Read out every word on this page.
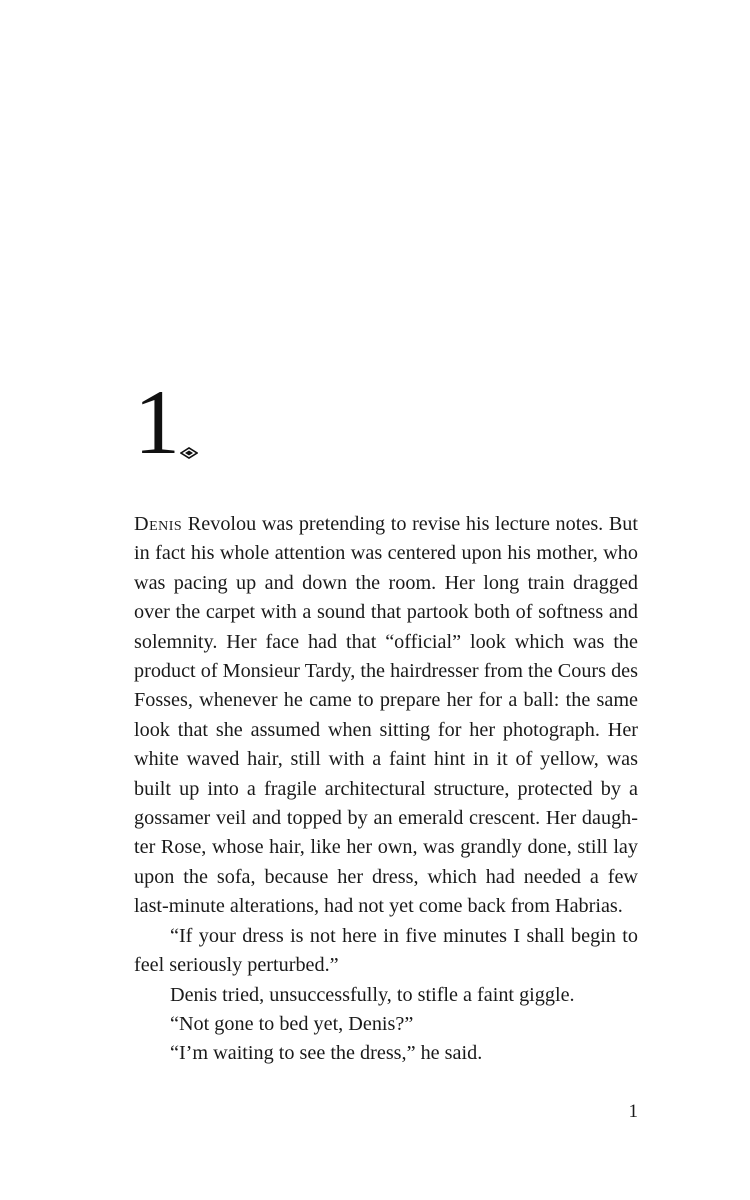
1

Denis Revolou was pretending to revise his lecture notes. But in fact his whole attention was centered upon his mother, who was pacing up and down the room. Her long train dragged over the carpet with a sound that partook both of softness and solemnity. Her face had that “official” look which was the product of Monsieur Tardy, the hairdresser from the Cours des Fosses, whenever he came to prepare her for a ball: the same look that she assumed when sitting for her photograph. Her white waved hair, still with a faint hint in it of yellow, was built up into a fragile architectural structure, protected by a gossamer veil and topped by an emerald crescent. Her daughter Rose, whose hair, like her own, was grandly done, still lay upon the sofa, because her dress, which had needed a few last-minute alterations, had not yet come back from Habrias.

“If your dress is not here in five minutes I shall begin to feel seriously perturbed.”

Denis tried, unsuccessfully, to stifle a faint giggle.

“Not gone to bed yet, Denis?”

“I’m waiting to see the dress,” he said.

1
